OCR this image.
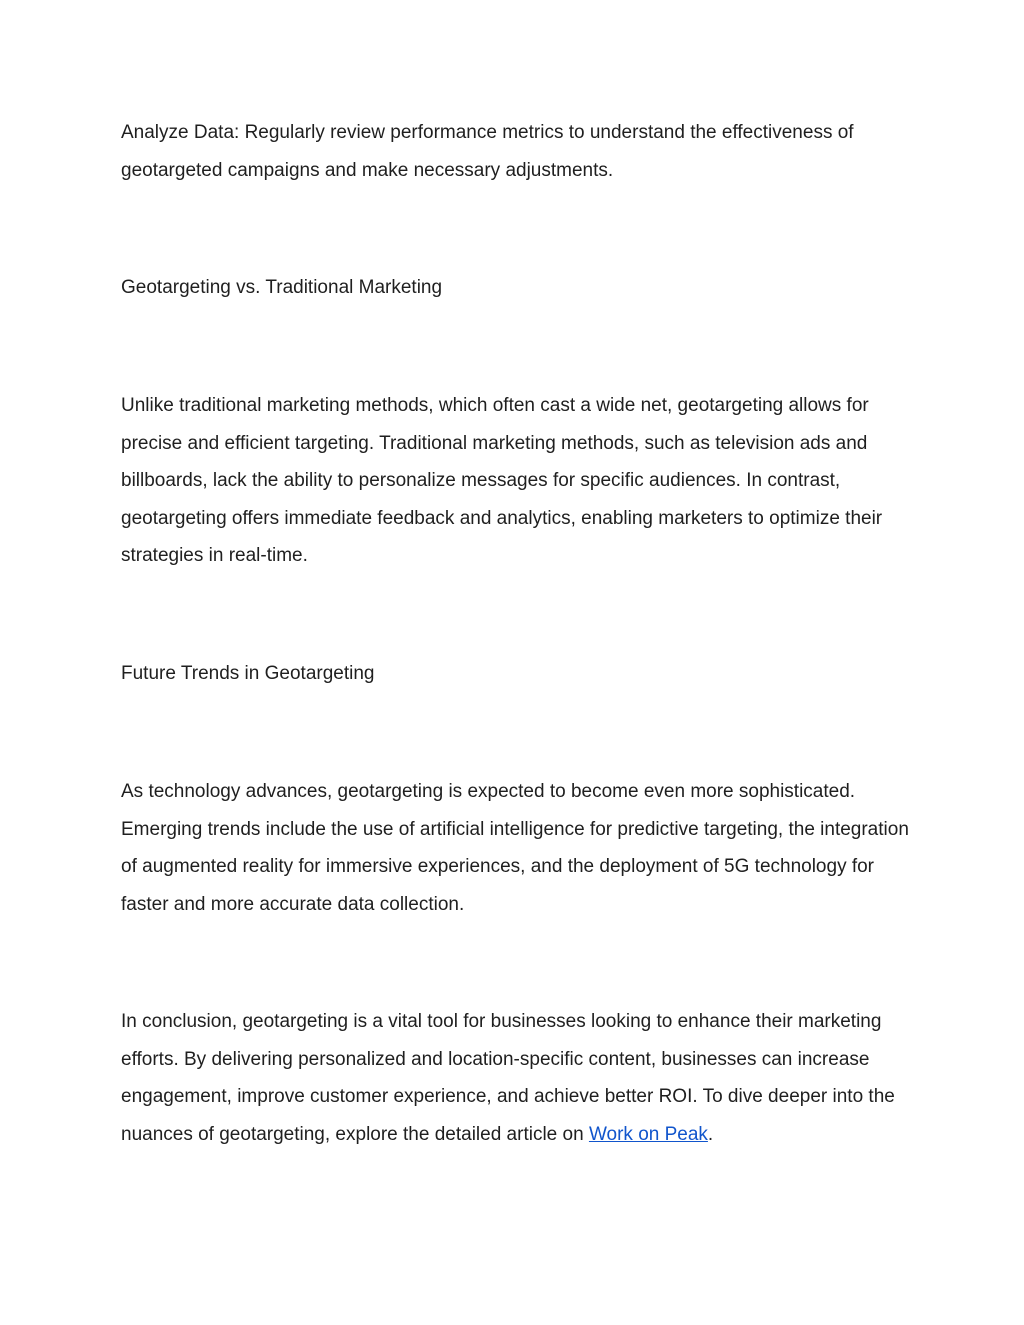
Analyze Data: Regularly review performance metrics to understand the effectiveness of geotargeted campaigns and make necessary adjustments.

Geotargeting vs. Traditional Marketing

Unlike traditional marketing methods, which often cast a wide net, geotargeting allows for precise and efficient targeting. Traditional marketing methods, such as television ads and billboards, lack the ability to personalize messages for specific audiences. In contrast, geotargeting offers immediate feedback and analytics, enabling marketers to optimize their strategies in real-time.

Future Trends in Geotargeting

As technology advances, geotargeting is expected to become even more sophisticated. Emerging trends include the use of artificial intelligence for predictive targeting, the integration of augmented reality for immersive experiences, and the deployment of 5G technology for faster and more accurate data collection.

In conclusion, geotargeting is a vital tool for businesses looking to enhance their marketing efforts. By delivering personalized and location-specific content, businesses can increase engagement, improve customer experience, and achieve better ROI. To dive deeper into the nuances of geotargeting, explore the detailed article on Work on Peak.
